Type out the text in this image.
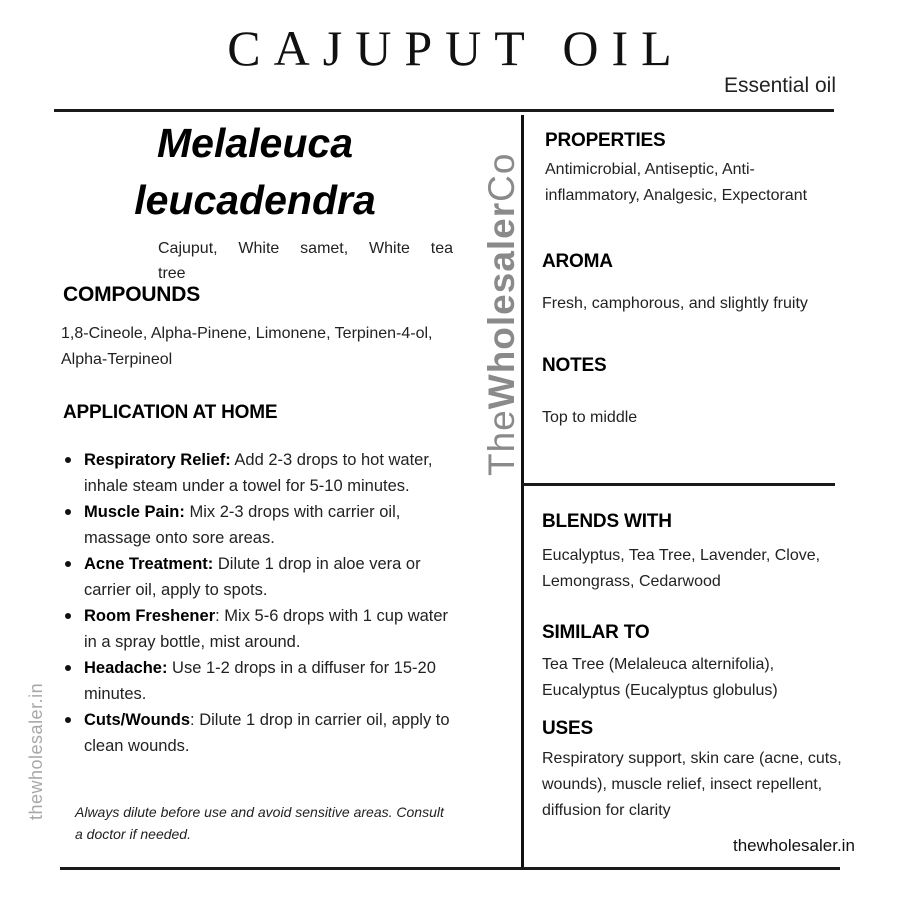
CAJUPUT OIL
Essential oil
Melaleuca
leucadendra
Cajuput, White samet, White tea
tree
COMPOUNDS
1,8-Cineole, Alpha-Pinene, Limonene, Terpinen-4-ol,
Alpha-Terpineol
APPLICATION AT HOME
Respiratory Relief: Add 2-3 drops to hot water,
inhale steam under a towel for 5-10 minutes.
Muscle Pain: Mix 2-3 drops with carrier oil,
massage onto sore areas.
Acne Treatment: Dilute 1 drop in aloe vera or
carrier oil, apply to spots.
Room Freshener: Mix 5-6 drops with 1 cup water
in a spray bottle, mist around.
Headache: Use 1-2 drops in a diffuser for 15-20
minutes.
Cuts/Wounds: Dilute 1 drop in carrier oil, apply to
clean wounds.
Always dilute before use and avoid sensitive areas. Consult
a doctor if needed.
TheWholesalerCo
thewholesaler.in
PROPERTIES
Antimicrobial, Antiseptic, Anti-
inflammatory, Analgesic, Expectorant
AROMA
Fresh, camphorous, and slightly fruity
NOTES
Top to middle
BLENDS WITH
Eucalyptus, Tea Tree, Lavender, Clove,
Lemongrass, Cedarwood
SIMILAR TO
Tea Tree (Melaleuca alternifolia),
Eucalyptus (Eucalyptus globulus)
USES
Respiratory support, skin care (acne, cuts,
wounds), muscle relief, insect repellent,
diffusion for clarity
thewholesaler.in
